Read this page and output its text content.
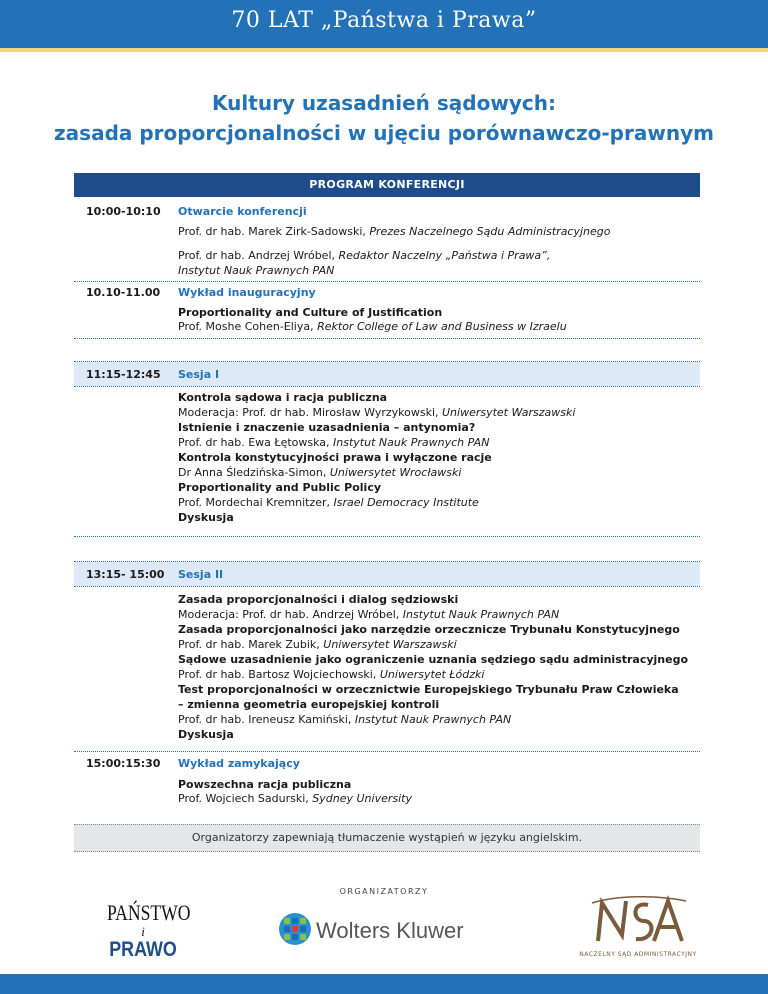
70 LAT „Państwa i Prawa”
Kultury uzasadnień sądowych:
zasada proporcjonalności w ujęciu porównawczo-prawnym
PROGRAM KONFERENCJI
10:00-10:10 Otwarcie konferencji
Prof. dr hab. Marek Zirk-Sadowski, Prezes Naczelnego Sądu Administracyjnego
Prof. dr hab. Andrzej Wróbel, Redaktor Naczelny „Państwa i Prawa”,
Instytut Nauk Prawnych PAN
10.10-11.00 Wykład inauguracyjny
Proportionality and Culture of Justification
Prof. Moshe Cohen-Eliya, Rektor College of Law and Business w Izraelu
11:15-12:45 Sesja I
Kontrola sądowa i racja publiczna
Moderacja: Prof. dr hab. Mirosław Wyrzykowski, Uniwersytet Warszawski
Istnienie i znaczenie uzasadnienia – antynomia?
Prof. dr hab. Ewa Łętowska, Instytut Nauk Prawnych PAN
Kontrola konstytucyjności prawa i wyłączone racje
Dr Anna Śledzińska-Simon, Uniwersytet Wrocławski
Proportionality and Public Policy
Prof. Mordechai Kremnitzer, Israel Democracy Institute
Dyskusja
13:15- 15:00 Sesja II
Zasada proporcjonalności i dialog sędziowski
Moderacja: Prof. dr hab. Andrzej Wróbel, Instytut Nauk Prawnych PAN
Zasada proporcjonalności jako narzędzie orzecznicze Trybunału Konstytucyjnego
Prof. dr hab. Marek Zubik, Uniwersytet Warszawski
Sądowe uzasadnienie jako ograniczenie uznania sędziego sądu administracyjnego
Prof. dr hab. Bartosz Wojciechowski, Uniwersytet Łódzki
Test proporcjonalności w orzecznictwie Europejskiego Trybunału Praw Człowieka
– zmienna geometria europejskiej kontroli
Prof. dr hab. Ireneusz Kamiński, Instytut Nauk Prawnych PAN
Dyskusja
15:00:15:30 Wykład zamykający
Powszechna racja publiczna
Prof. Wojciech Sadurski, Sydney University
Organizatorzy zapewniają tłumaczenie wystąpień w języku angielskim.
ORGANIZATORZY
PAŃSTWO
i
PRAWO
Wolters Kluwer
NACZELNY SĄD ADMINISTRACYJNY
